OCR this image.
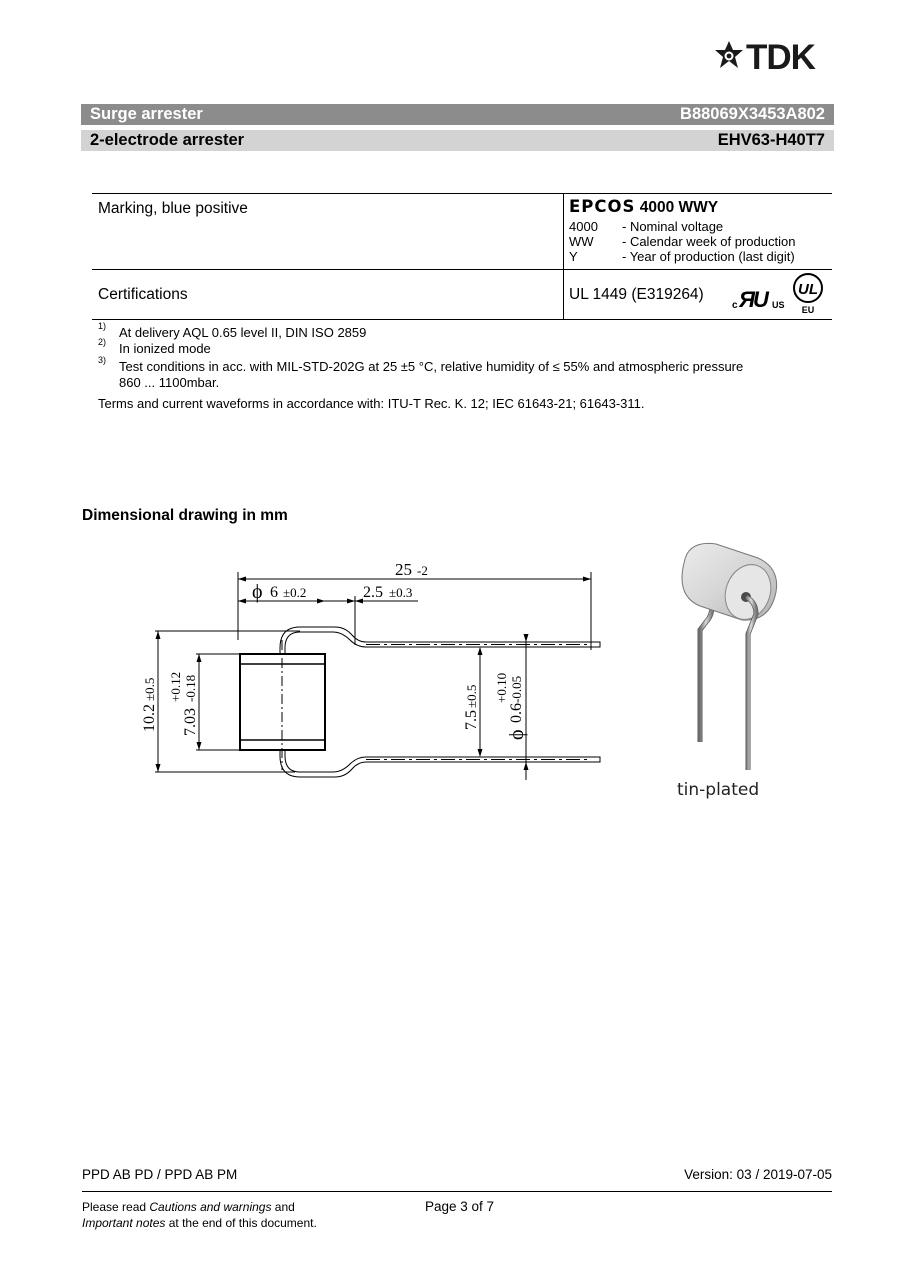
TDK
Surge arrester	B88069X3453A802
2-electrode arrester	EHV63-H40T7
Marking, blue positive	EPCOS 4000 WWY
4000 - Nominal voltage
WW - Calendar week of production
Y	- Year of production (last digit)
Certifications	UL 1449 (E319264)
c ЯU US
UL
EU
1) At delivery AQL 0.65 level II, DIN ISO 2859
2) In ionized mode
3) Test conditions in acc. with MIL-STD-202G at 25 ±5 °C, relative humidity of ≤ 55% and atmospheric pressure
860 ... 1100mbar.
Terms and current waveforms in accordance with: ITU-T Rec. K. 12; IEC 61643-21; 61643-311.
Dimensional drawing in mm
25 -2
ϕ 6 ±0.2	2.5 ±0.3
10.2
±0.5
7.03
+0.12 -0.18
7.5
±0.5
ϕ
0.6
+0.10 -0.05
tin-plated
PPD AB PD / PPD AB PM	Version: 03 / 2019-07-05
Please read Cautions and warnings and
Important notes at the end of this document.
Page 3 of 7
